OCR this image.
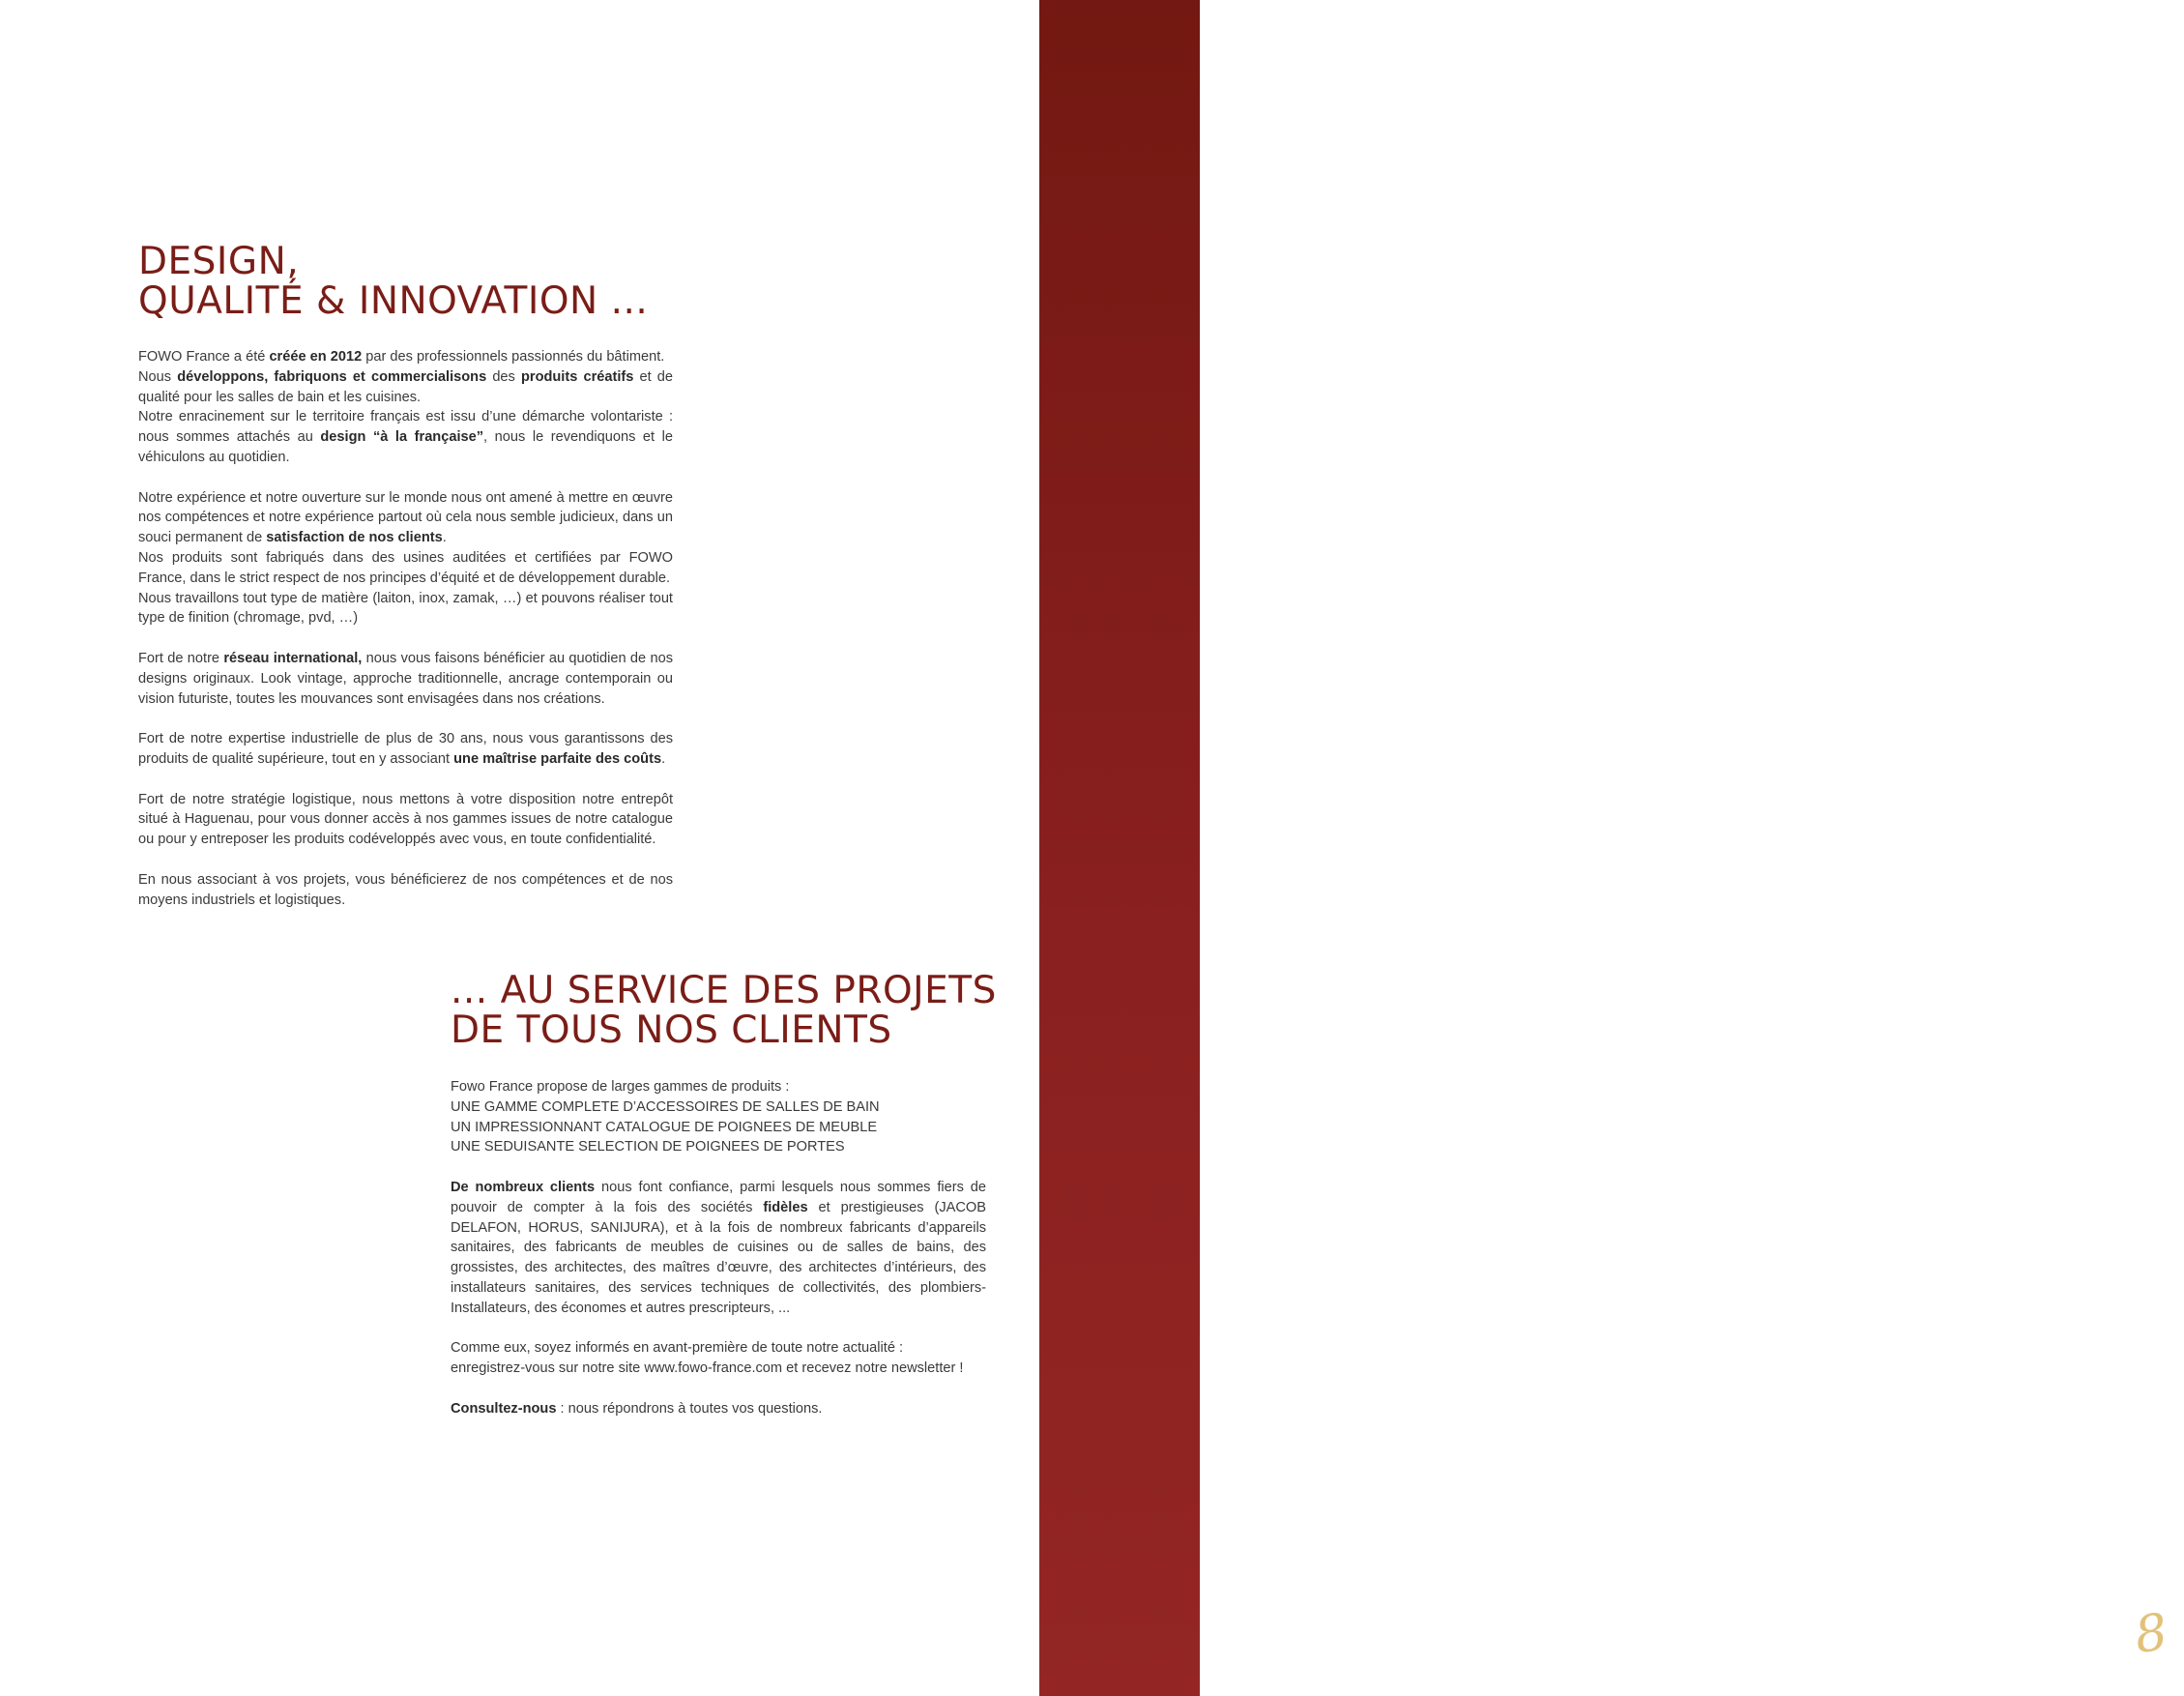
8
DESIGN,
QUALITÉ & INNOVATION ...

FOWO France a été créée en 2012 par des professionnels passionnés du bâtiment.
Nous développons, fabriquons et commercialisons des produits créatifs et de qualité pour les salles de bain et les cuisines.
Notre enracinement sur le territoire français est issu d’une démarche volontariste : nous sommes attachés au design “à la française”, nous le revendiquons et le véhiculons au quotidien.

Notre expérience et notre ouverture sur le monde nous ont amené à mettre en œuvre nos compétences et notre expérience partout où cela nous semble judicieux, dans un souci permanent de satisfaction de nos clients.
Nos produits sont fabriqués dans des usines auditées et certifiées par FOWO France, dans le strict respect de nos principes d’équité et de développement durable.
Nous travaillons tout type de matière (laiton, inox, zamak, …) et pouvons réaliser tout type de finition (chromage, pvd, …)

Fort de notre réseau international, nous vous faisons bénéficier au quotidien de nos designs originaux. Look vintage, approche traditionnelle, ancrage contemporain ou vision futuriste, toutes les mouvances sont envisagées dans nos créations.

Fort de notre expertise industrielle de plus de 30 ans, nous vous garantissons des produits de qualité supérieure, tout en y associant une maîtrise parfaite des coûts.

Fort de notre stratégie logistique, nous mettons à votre disposition notre entrepôt situé à Haguenau, pour vous donner accès à nos gammes issues de notre catalogue ou pour y entreposer les produits codéveloppés avec vous, en toute confidentialité.

En nous associant à vos projets, vous bénéficierez de nos compétences et de nos moyens industriels et logistiques.

... AU SERVICE DES PROJETS
DE TOUS NOS CLIENTS

Fowo France propose de larges gammes de produits :
UNE GAMME COMPLETE D’ACCESSOIRES DE SALLES DE BAIN
UN IMPRESSIONNANT CATALOGUE DE POIGNEES DE MEUBLE
UNE SEDUISANTE SELECTION DE POIGNEES DE PORTES

De nombreux clients nous font confiance, parmi lesquels nous sommes fiers de pouvoir de compter à la fois des sociétés fidèles et prestigieuses (JACOB DELAFON, HORUS, SANIJURA), et à la fois de nombreux fabricants d’appareils sanitaires, des fabricants de meubles de cuisines ou de salles de bains, des grossistes, des architectes, des maîtres d’œuvre, des architectes d’intérieurs, des installateurs sanitaires, des services techniques de collectivités, des plombiers-Installateurs, des économes et autres prescripteurs, ...

Comme eux, soyez informés en avant-première de toute notre actualité :
enregistrez-vous sur notre site www.fowo-france.com et recevez notre newsletter !

Consultez-nous : nous répondrons à toutes vos questions.
